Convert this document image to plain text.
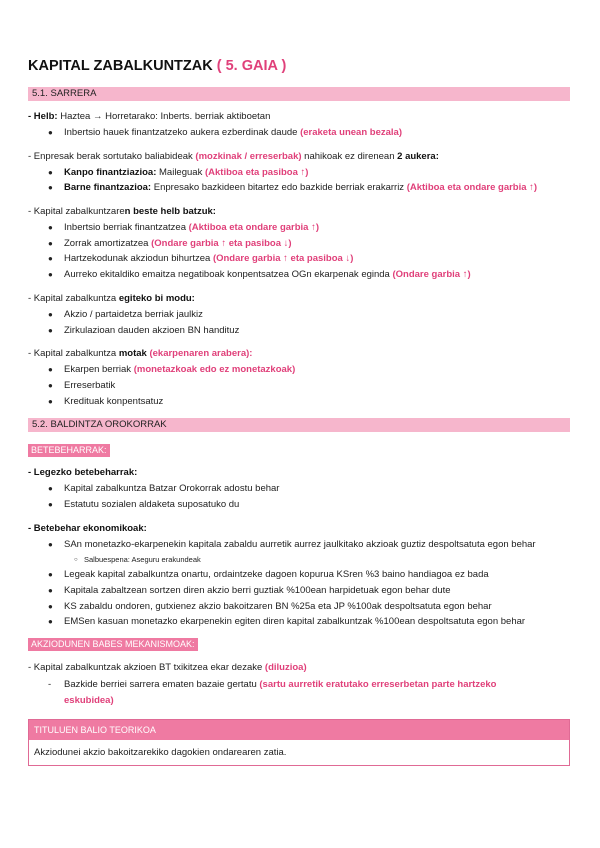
KAPITAL ZABALKUNTZAK ( 5. GAIA )
5.1. SARRERA
- Helb: Haztea → Horretarako: Inberts. berriak aktiboetan
● Inbertsio hauek finantzatzeko aukera ezberdinak daude (eraketa unean bezala)
- Enpresak berak sortutako baliabideak (mozkinak / erreserbak) nahikoak ez direnean 2 aukera:
● Kanpo finantziazioa: Maileguak (Aktiboa eta pasiboa ↑)
● Barne finantzazioa: Enpresako bazkideen bitartez edo bazkide berriak erakarriz (Aktiboa eta ondare garbia ↑)
- Kapital zabalkuntzaren beste helb batzuk:
● Inbertsio berriak finantzatzea (Aktiboa eta ondare garbia ↑)
● Zorrak amortizatzea (Ondare garbia ↑ eta pasiboa ↓)
● Hartzekodunak akziodun bihurtzea (Ondare garbia ↑ eta pasiboa ↓)
● Aurreko ekitaldiko emaitza negatiboak konpentsatzea OGn ekarpenak eginda (Ondare garbia ↑)
- Kapital zabalkuntza egiteko bi modu:
● Akzio / partaidetza berriak jaulkiz
● Zirkulazioan dauden akzioen BN handituz
- Kapital zabalkuntza motak (ekarpenaren arabera):
● Ekarpen berriak (monetazkoak edo ez monetazkoak)
● Erreserbatik
● Kredituak konpentsatuz
5.2. BALDINTZA OROKORRAK
BETEBEHARRAK:
- Legezko betebeharrak:
● Kapital zabalkuntza Batzar Orokorrak adostu behar
● Estatutu sozialen aldaketa suposatuko du
- Betebehar ekonomikoak:
● SAn monetazko-ekarpenekin kapitala zabaldu aurretik aurrez jaulkitako akzioak guztiz despoltsatuta egon behar
○ Salbuespena: Aseguru erakundeak
● Legeak kapital zabalkuntza onartu, ordaintzeke dagoen kopurua KSren %3 baino handiagoa ez bada
● Kapitala zabaltzean sortzen diren akzio berri guztiak %100ean harpidetuak egon behar dute
● KS zabaldu ondoren, gutxienez akzio bakoitzaren BN %25a eta JP %100ak despoltsatuta egon behar
● EMSen kasuan monetazko ekarpenekin egiten diren kapital zabalkuntzak %100ean despoltsatuta egon behar
AKZIODUNEN BABES MEKANISMOAK:
- Kapital zabalkuntzak akzioen BT txikitzea ekar dezake (diluzioa)
- Bazkide berriei sarrera ematen bazaie gertatu (sartu aurretik eratutako erreserbetan parte hartzeko
eskubidea)
TITULUEN BALIO TEORIKOA
Akziodunei akzio bakoitzarekiko dagokien ondarearen zatia.
